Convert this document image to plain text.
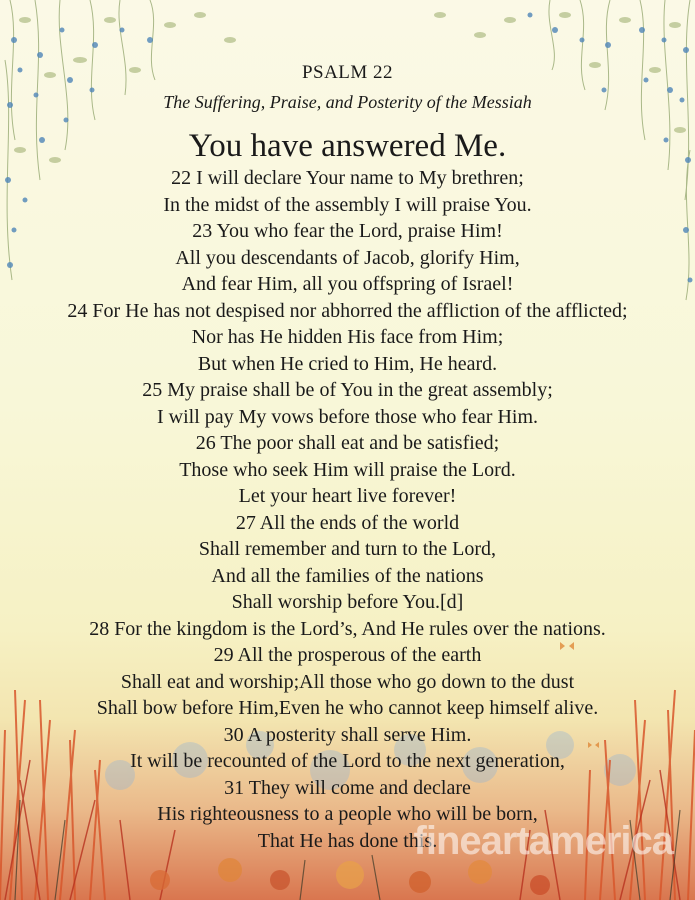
PSALM 22
The Suffering, Praise, and Posterity of the Messiah
You have answered Me.
22 I will declare Your name to My brethren;
In the midst of the assembly I will praise You.
23 You who fear the Lord, praise Him!
All you descendants of Jacob, glorify Him,
And fear Him, all you offspring of Israel!
24 For He has not despised nor abhorred the affliction of the afflicted;
Nor has He hidden His face from Him;
But when He cried to Him, He heard.
25 My praise shall be of You in the great assembly;
I will pay My vows before those who fear Him.
26 The poor shall eat and be satisfied;
Those who seek Him will praise the Lord.
Let your heart live forever!
27 All the ends of the world
Shall remember and turn to the Lord,
And all the families of the nations
Shall worship before You.[d]
28 For the kingdom is the Lord’s, And He rules over the nations.
29 All the prosperous of the earth
Shall eat and worship;All those who go down to the dust
Shall bow before Him,Even he who cannot keep himself alive.
30 A posterity shall serve Him.
It will be recounted of the Lord to the next generation,
31 They will come and declare
His righteousness to a people who will be born,
That He has done this.
fineartamerica
